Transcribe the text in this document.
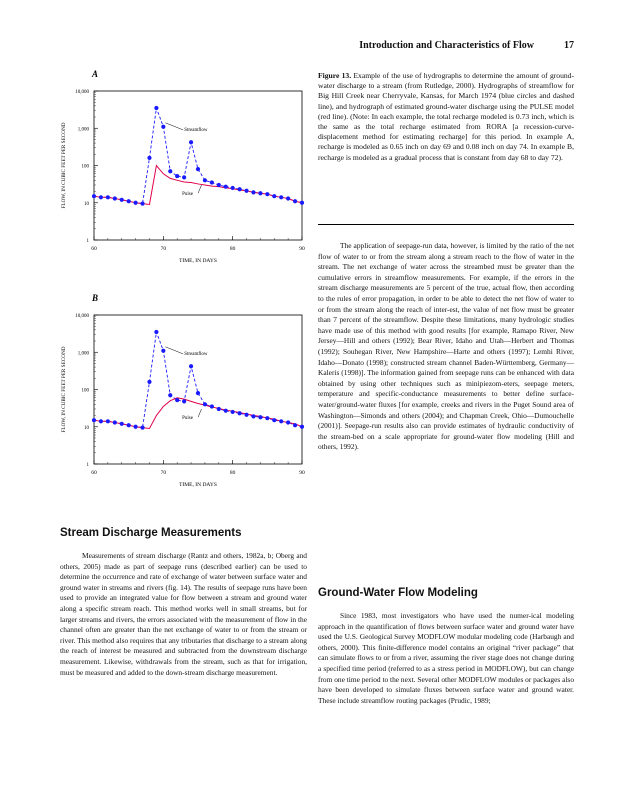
Introduction and Characteristics of Flow	17
A
60	70	80	90
1
10
100
1,000
10,000
TIME, IN DAYS
FLOW, IN CUBIC FEET PER SECOND	Streamflow
Pulse
B
60	70	80	90
1
10
100
1,000
10,000
TIME, IN DAYS
FLOW, IN CUBIC FEET PER SECOND	Streamflow
Pulse
Figure 13. Example of the use of hydrographs to determine the amount of ground-water discharge to a stream (from Rutledge, 2000). Hydrographs of streamflow for Big Hill Creek near Cherryvale, Kansas, for March 1974 (blue circles and dashed line), and hydrograph of estimated ground-water discharge using the PULSE model (red line). (Note: In each example, the total recharge modeled is 0.73 inch, which is the same as the total recharge estimated from RORA [a recession-curve-displacement method for estimating recharge] for this period. In example A, recharge is modeled as 0.65 inch on day 69 and 0.08 inch on day 74. In example B, recharge is modeled as a gradual process that is constant from day 68 to day 72).

The application of seepage-run data, however, is limited by the ratio of the net flow of water to or from the stream along a stream reach to the flow of water in the stream. The net exchange of water across the streambed must be greater than the cumulative errors in streamflow measurements. For example, if the errors in the stream discharge measurements are 5 percent of the true, actual flow, then according to the rules of error propagation, in order to be able to detect the net flow of water to or from the stream along the reach of inter-est, the value of net flow must be greater than 7 percent of the streamflow. Despite these limitations, many hydrologic studies have made use of this method with good results [for example, Ramapo River, New Jersey—Hill and others (1992); Bear River, Idaho and Utah—Herbert and Thomas (1992); Souhegan River, New Hampshire—Harte and others (1997); Lemhi River, Idaho—Donato (1998); constructed stream channel Baden-Württemberg, Germany—Kaleris (1998)]. The information gained from seepage runs can be enhanced with data obtained by using other techniques such as minipiezom-eters, seepage meters, temperature and specific-conductance measurements to better define surface-water/ground-water fluxes [for example, creeks and rivers in the Puget Sound area of Washington—Simonds and others (2004); and Chapman Creek, Ohio—Dumouchelle (2001)]. Seepage-run results also can provide estimates of hydraulic conductivity of the stream-bed on a scale appropriate for ground-water flow modeling (Hill and others, 1992).

Stream Discharge Measurements

Measurements of stream discharge (Rantz and others, 1982a, b; Oberg and others, 2005) made as part of seepage runs (described earlier) can be used to determine the occurrence and rate of exchange of water between surface water and ground water in streams and rivers (fig. 14). The results of seepage runs have been used to provide an integrated value for flow between a stream and ground water along a specific stream reach. This method works well in small streams, but for larger streams and rivers, the errors associated with the measurement of flow in the channel often are greater than the net exchange of water to or from the stream or river. This method also requires that any tributaries that discharge to a stream along the reach of interest be measured and subtracted from the downstream discharge measurement. Likewise, withdrawals from the stream, such as that for irrigation, must be measured and added to the down-stream discharge measurement.

Ground-Water Flow Modeling

Since 1983, most investigators who have used the numer-ical modeling approach in the quantification of flows between surface water and ground water have used the U.S. Geological Survey MODFLOW modular modeling code (Harbaugh and others, 2000). This finite-difference model contains an original “river package” that can simulate flows to or from a river, assuming the river stage does not change during a specified time period (referred to as a stress period in MODFLOW), but can change from one time period to the next. Several other MODFLOW modules or packages also have been developed to simulate fluxes between surface water and ground water. These include streamflow routing packages (Prudic, 1989;
